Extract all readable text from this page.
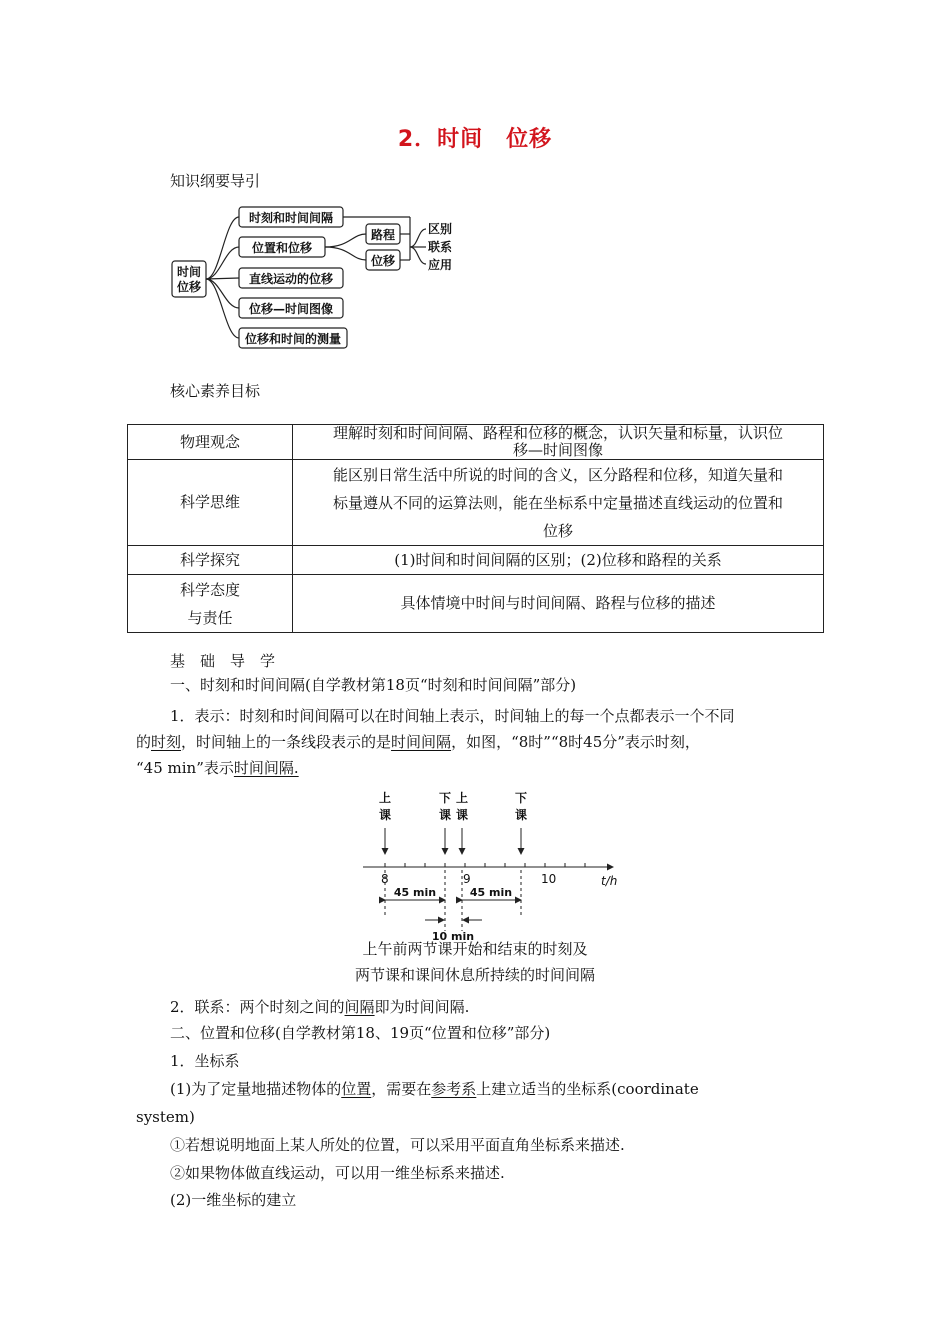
2．时间　位移
知识纲要导引
时间
位移
时刻和时间间隔
位置和位移
直线运动的位移
位移—时间图像
位移和时间的测量
路程
位移
区别
联系
应用
核心素养目标
物理观念	理解时刻和时间间隔、路程和位移的概念，认识矢量和标量，认识位
移—时间图像

科学思维	能区别日常生活中所说的时间的含义，区分路程和位移，知道矢量和
标量遵从不同的运算法则，能在坐标系中定量描述直线运动的位置和
位移

科学探究	(1)时间和时间间隔的区别；(2)位移和路程的关系

科学态度
与责任	具体情境中时间与时间间隔、路程与位移的描述
基　础　导　学
一、时刻和时间间隔(自学教材第18页“时刻和时间间隔”部分)
1．表示：时刻和时间间隔可以在时间轴上表示，时间轴上的每一个点都表示一个不同
的时刻，时间轴上的一条线段表示的是时间间隔，如图，“8时”“8时45分”表示时刻，
“45 min”表示时间间隔.
上
课
下
课
上
课
下
课
8	9	10	t/h
45 min	45 min
10 min
上午前两节课开始和结束的时刻及
两节课和课间休息所持续的时间间隔
2．联系：两个时刻之间的间隔即为时间间隔.
二、位置和位移(自学教材第18、19页“位置和位移”部分)
1．坐标系
(1)为了定量地描述物体的位置，需要在参考系上建立适当的坐标系(coordinate
system)
①若想说明地面上某人所处的位置，可以采用平面直角坐标系来描述.
②如果物体做直线运动，可以用一维坐标系来描述.
(2)一维坐标的建立
